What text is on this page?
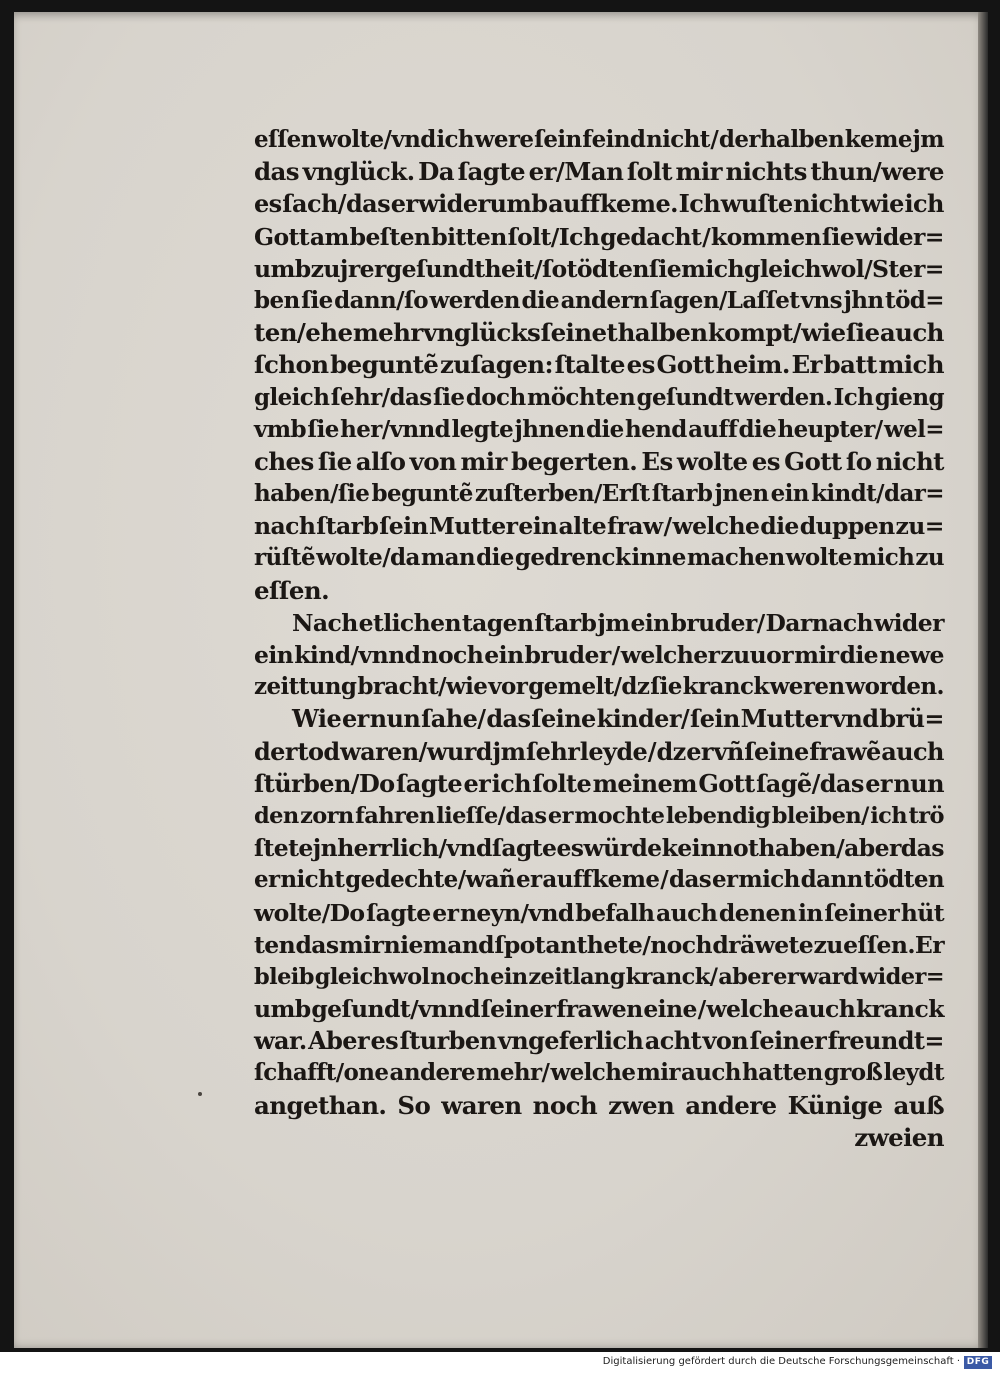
eſſen wolte/vnd ich were ſein feind nicht / derhalben keme jm
das vnglück. Da ſagte er/Man ſolt mir nichts thun/were
es ſach/das er widerumb auff keme. Ich wuſte nicht wie ich
Gott am beſten bitten ſolt/Ich gedacht / kommen ſie wider=
umb zu jrer geſundtheit/ſo tödten ſie mich gleichwol/Ster=
ben ſie dann/ſo werden die andern ſagen/Laſſet vns jhn töd=
ten/ehe mehr vnglücks ſeinet halben kompt/ wie ſie auch
ſchon beguntẽ zuſagen: ſtalte es Gott heim. Er batt mich
gleich ſehr/das ſie doch möchten geſundt werden. Ich gieng
vmb ſie her/vnnd legte jhnen die hend auff die heupter/ wel=
ches ſie alſo von mir begerten. Es wolte es Gott ſo nicht
haben/ſie beguntẽ zuſterben/Erſt ſtarb jnen ein kindt/dar=
nach ſtarb ſein Mutter ein alte fraw / welche die duppen zu=
rüſtẽ wolte/da man die gedrenck inne machen wolte mich zu
eſſen.
Nach etlichen tagen ſtarb jm ein bruder/ Darnach wider
ein kind/vnnd noch ein bruder / welcher zuuor mir die newe
zeittung bracht/wie vor gemelt/dz ſie kranck weren worden.
Wie er nun ſahe/ das ſeine kinder/ ſein Mutter vnd brü=
der tod waren/wurd jm ſehr leyde / dz er vñ ſeine frawẽ auch
ſtürben/Do ſagte er ich ſolte meinem Gott ſagẽ/das er nun
den zorn fahren lieſſe/das er mochte lebendig bleiben/ ich trö
ſtete jn herrlich/vnd ſagte es würde kein not haben / aber das
er nicht gedechte/wañ er auff keme / das er mich dann tödten
wolte/Do ſagte er neyn/vnd befalh auch denen in ſeiner hüt
ten das mir niemand ſpot anthete/noch dräwete zu eſſen.Er
bleib gleichwol noch ein zeitlang kranck/ aber er ward wider=
umb geſundt/vnnd ſeiner frawen eine / welche auch kranck
war. Aber es ſturben vngeferlich acht von ſeiner freundt=
ſchafft/one andere mehr/ welche mir auch hatten groß leydt
angethan. So waren noch zwen andere Künige auß
zweien
Digitalisierung gefördert durch die Deutsche Forschungsgemeinschaft · DFG
